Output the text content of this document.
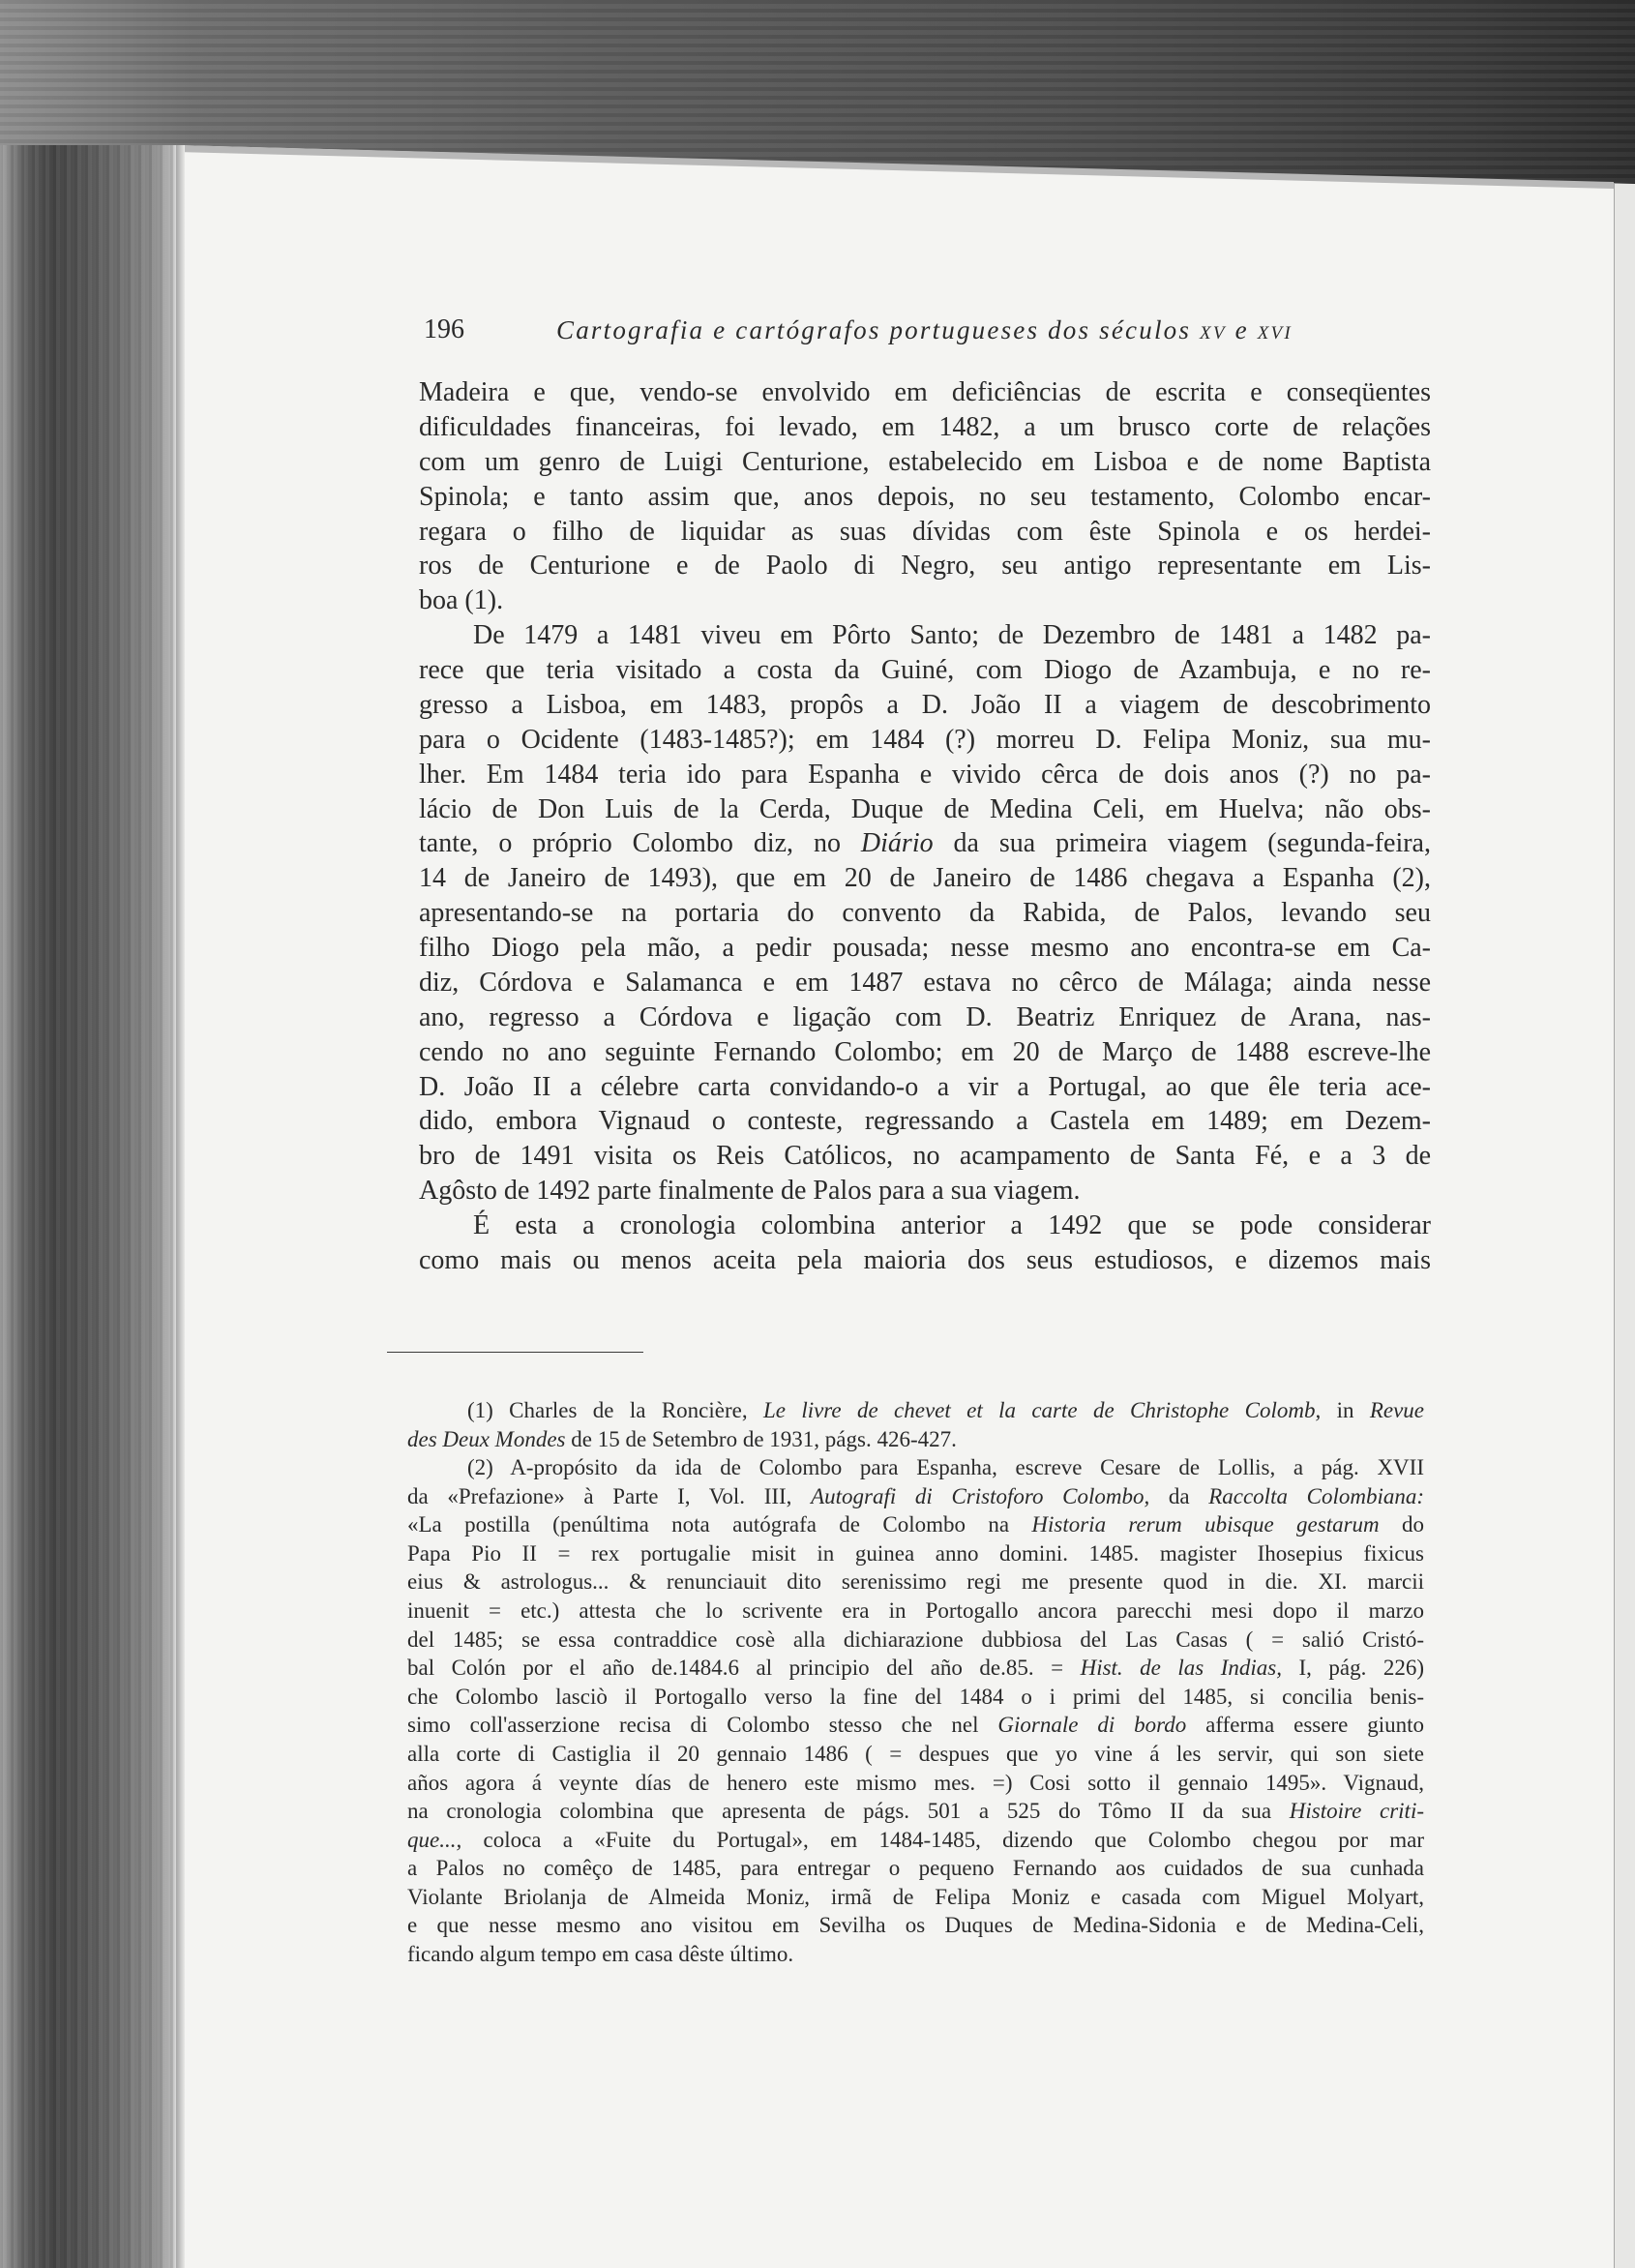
196	Cartografia e cartógrafos portugueses dos séculos xv e xvi
Madeira e que, vendo-se envolvido em deficiências de escrita e conseqüentes
dificuldades financeiras, foi levado, em 1482, a um brusco corte de relações
com um genro de Luigi Centurione, estabelecido em Lisboa e de nome Baptista
Spinola; e tanto assim que, anos depois, no seu testamento, Colombo encar-
regara o filho de liquidar as suas dívidas com êste Spinola e os herdei-
ros de Centurione e de Paolo di Negro, seu antigo representante em Lis-
boa (1).
De 1479 a 1481 viveu em Pôrto Santo; de Dezembro de 1481 a 1482 pa-
rece que teria visitado a costa da Guiné, com Diogo de Azambuja, e no re-
gresso a Lisboa, em 1483, propôs a D. João II a viagem de descobrimento
para o Ocidente (1483-1485?); em 1484 (?) morreu D. Felipa Moniz, sua mu-
lher. Em 1484 teria ido para Espanha e vivido cêrca de dois anos (?) no pa-
lácio de Don Luis de la Cerda, Duque de Medina Celi, em Huelva; não obs-
tante, o próprio Colombo diz, no Diário da sua primeira viagem (segunda-feira,
14 de Janeiro de 1493), que em 20 de Janeiro de 1486 chegava a Espanha (2),
apresentando-se na portaria do convento da Rabida, de Palos, levando seu
filho Diogo pela mão, a pedir pousada; nesse mesmo ano encontra-se em Ca-
diz, Córdova e Salamanca e em 1487 estava no cêrco de Málaga; ainda nesse
ano, regresso a Córdova e ligação com D. Beatriz Enriquez de Arana, nas-
cendo no ano seguinte Fernando Colombo; em 20 de Março de 1488 escreve-lhe
D. João II a célebre carta convidando-o a vir a Portugal, ao que êle teria ace-
dido, embora Vignaud o conteste, regressando a Castela em 1489; em Dezem-
bro de 1491 visita os Reis Católicos, no acampamento de Santa Fé, e a 3 de
Agôsto de 1492 parte finalmente de Palos para a sua viagem.
É esta a cronologia colombina anterior a 1492 que se pode considerar
como mais ou menos aceita pela maioria dos seus estudiosos, e dizemos mais
(1) Charles de la Roncière, Le livre de chevet et la carte de Christophe Colomb, in Revue
des Deux Mondes de 15 de Setembro de 1931, págs. 426-427.
(2) A-propósito da ida de Colombo para Espanha, escreve Cesare de Lollis, a pág. XVII
da «Prefazione» à Parte I, Vol. III, Autografi di Cristoforo Colombo, da Raccolta Colombiana:
«La postilla (penúltima nota autógrafa de Colombo na Historia rerum ubisque gestarum do
Papa Pio II = rex portugalie misit in guinea anno domini. 1485. magister Ihosepius fixicus
eius & astrologus... & renunciauit dito serenissimo regi me presente quod in die. XI. marcii
inuenit = etc.) attesta che lo scrivente era in Portogallo ancora parecchi mesi dopo il marzo
del 1485; se essa contraddice cosè alla dichiarazione dubbiosa del Las Casas ( = salió Cristó-
bal Colón por el año de.1484.6 al principio del año de.85. = Hist. de las Indias, I, pág. 226)
che Colombo lasciò il Portogallo verso la fine del 1484 o i primi del 1485, si concilia benis-
simo coll'asserzione recisa di Colombo stesso che nel Giornale di bordo afferma essere giunto
alla corte di Castiglia il 20 gennaio 1486 ( = despues que yo vine á les servir, qui son siete
años agora á veynte días de henero este mismo mes. =) Cosi sotto il gennaio 1495». Vignaud,
na cronologia colombina que apresenta de págs. 501 a 525 do Tômo II da sua Histoire criti-
que..., coloca a «Fuite du Portugal», em 1484-1485, dizendo que Colombo chegou por mar
a Palos no comêço de 1485, para entregar o pequeno Fernando aos cuidados de sua cunhada
Violante Briolanja de Almeida Moniz, irmã de Felipa Moniz e casada com Miguel Molyart,
e que nesse mesmo ano visitou em Sevilha os Duques de Medina-Sidonia e de Medina-Celi,
ficando algum tempo em casa dêste último.
